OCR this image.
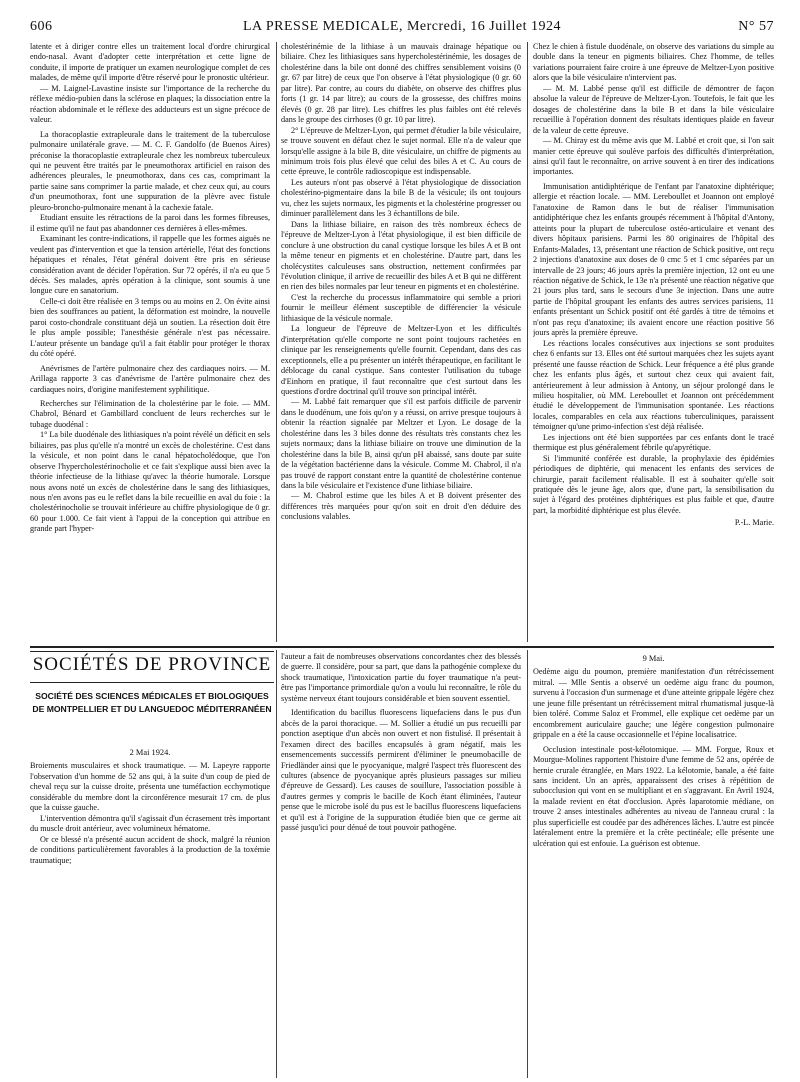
606	LA PRESSE MEDICALE, Mercredi, 16 Juillet 1924	N° 57

latente et à diriger contre elles un traitement local d'ordre chirurgical endo-nasal. Avant d'adopter cette interprétation et cette ligne de conduite, il importe de pratiquer un examen neurologique complet de ces malades, de même qu'il importe d'être réservé pour le pronostic ultérieur.

— M. Laignel-Lavastine insiste sur l'importance de la recherche du réflexe médio-pubien dans la sclérose en plaques; la dissociation entre la réaction abdominale et le réflexe des adducteurs est un signe précoce de valeur.

La thoracoplastie extrapleurale dans le traitement de la tuberculose pulmonaire unilatérale grave. — M. C. F. Gandolfo (de Buenos Aires) préconise la thoracoplastie extrapleurale chez les nombreux tuberculeux qui ne peuvent être traités par le pneumothorax artificiel en raison des adhérences pleurales, le pneumothorax, dans ces cas, comprimant la partie saine sans comprimer la partie malade, et chez ceux qui, au cours d'un pneumothorax, font une suppuration de la plèvre avec fistule pleuro-broncho-pulmonaire menant à la cachexie fatale.

Etudiant ensuite les rétractions de la paroi dans les formes fibreuses, il estime qu'il ne faut pas abandonner ces dernières à elles-mêmes.

Examinant les contre-indications, il rappelle que les formes aiguës ne veulent pas d'intervention et que la tension artérielle, l'état des fonctions hépatiques et rénales, l'état général doivent être pris en sérieuse considération avant de décider l'opération. Sur 72 opérés, il n'a eu que 5 décès. Ses malades, après opération à la clinique, sont soumis à une longue cure en sanatorium.

Celle-ci doit être réalisée en 3 temps ou au moins en 2. On évite ainsi bien des souffrances au patient, la déformation est moindre, la nouvelle paroi costo-chondrale constituant déjà un soutien. La résection doit être le plus ample possible; l'anesthésie générale n'est pas nécessaire. L'auteur présente un bandage qu'il a fait établir pour protéger le thorax du côté opéré.

Anévrismes de l'artère pulmonaire chez des cardiaques noirs. — M. Arillaga rapporte 3 cas d'anévrisme de l'artère pulmonaire chez des cardiaques noirs, d'origine manifestement syphilitique.

Recherches sur l'élimination de la cholestérine par le foie. — MM. Chabrol, Bénard et Gambillard concluent de leurs recherches sur le tubage duodénal :

1° La bile duodénale des lithiasiques n'a point révélé un déficit en sels biliaires, pas plus qu'elle n'a montré un excès de cholestérine. C'est dans la vésicule, et non point dans le canal hépatocholédoque, que l'on observe l'hypercholestérinocholie et ce fait s'explique aussi bien avec la théorie infectieuse de la lithiase qu'avec la théorie humorale. Lorsque nous avons noté un excès de cholestérine dans le sang des lithiasiques, nous n'en avons pas eu le reflet dans la bile recueillie en aval du foie : la cholestérinocholie se trouvait inférieure au chiffre physiologique de 0 gr. 60 pour 1.000. Ce fait vient à l'appui de la conception qui attribue en grande part l'hyper-

cholestérinémie de la lithiase à un mauvais drainage hépatique ou biliaire. Chez les lithiasiques sans hypercholestérinémie, les dosages de cholestérine dans la bile ont donné des chiffres sensiblement voisins (0 gr. 67 par litre) de ceux que l'on observe à l'état physiologique (0 gr. 60 par litre). Par contre, au cours du diabète, on observe des chiffres plus forts (1 gr. 14 par litre); au cours de la grossesse, des chiffres moins élevés (0 gr. 28 par litre). Les chiffres les plus faibles ont été relevés dans le groupe des cirrhoses (0 gr. 10 par litre).

2° L'épreuve de Meltzer-Lyon, qui permet d'étudier la bile vésiculaire, se trouve souvent en défaut chez le sujet normal. Elle n'a de valeur que lorsqu'elle assigne à la bile B, dite vésiculaire, un chiffre de pigments au minimum trois fois plus élevé que celui des biles A et C. Au cours de cette épreuve, le contrôle radioscopique est indispensable.

Les auteurs n'ont pas observé à l'état physiologique de dissociation cholestérino-pigmentaire dans la bile B de la vésicule; ils ont toujours vu, chez les sujets normaux, les pigments et la cholestérine progresser ou diminuer parallèlement dans les 3 échantillons de bile.

Dans la lithiase biliaire, en raison des très nombreux échecs de l'épreuve de Meltzer-Lyon à l'état physiologique, il est bien difficile de conclure à une obstruction du canal cystique lorsque les biles A et B ont la même teneur en pigments et en cholestérine. D'autre part, dans les cholécystites calculeuses sans obstruction, nettement confirmées par l'évolution clinique, il arrive de recueillir des biles A et B qui ne diffèrent en rien des biles normales par leur teneur en pigments et en cholestérine.

C'est la recherche du processus inflammatoire qui semble a priori fournir le meilleur élément susceptible de différencier la vésicule lithiasique de la vésicule normale.

La longueur de l'épreuve de Meltzer-Lyon et les difficultés d'interprétation qu'elle comporte ne sont point toujours rachetées en clinique par les renseignements qu'elle fournit. Cependant, dans des cas exceptionnels, elle a pu présenter un intérêt thérapeutique, en facilitant le déblocage du canal cystique. Sans contester l'utilisation du tubage d'Einhorn en pratique, il faut reconnaître que c'est surtout dans les questions d'ordre doctrinal qu'il trouve son principal intérêt.

— M. Labbé fait remarquer que s'il est parfois difficile de parvenir dans le duodénum, une fois qu'on y a réussi, on arrive presque toujours à obtenir la réaction signalée par Meltzer et Lyon. Le dosage de la cholestérine dans les 3 biles donne des résultats très constants chez les sujets normaux; dans la lithiase biliaire on trouve une diminution de la cholestérine dans la bile B, ainsi qu'un pH abaissé, sans doute par suite de la végétation bactérienne dans la vésicule. Comme M. Chabrol, il n'a pas trouvé de rapport constant entre la quantité de cholestérine contenue dans la bile vésiculaire et l'existence d'une lithiase biliaire.

— M. Chabrol estime que les biles A et B doivent présenter des différences très marquées pour qu'on soit en droit d'en déduire des conclusions valables.

Chez le chien à fistule duodénale, on observe des variations du simple au double dans la teneur en pigments biliaires. Chez l'homme, de telles variations pourraient faire croire à une épreuve de Meltzer-Lyon positive alors que la bile vésiculaire n'intervient pas.

— M. M. Labbé pense qu'il est difficile de démontrer de façon absolue la valeur de l'épreuve de Meltzer-Lyon. Toutefois, le fait que les dosages de cholestérine dans la bile B et dans la bile vésiculaire recueillie à l'opération donnent des résultats identiques plaide en faveur de la valeur de cette épreuve.

— M. Chiray est du même avis que M. Labbé et croit que, si l'on sait manier cette épreuve qui soulève parfois des difficultés d'interprétation, ainsi qu'il faut le reconnaître, on arrive souvent à en tirer des indications importantes.

Immunisation antidiphtérique de l'enfant par l'anatoxine diphtérique; allergie et réaction locale. — MM. Lereboullet et Joannon ont employé l'anatoxine de Ramon dans le but de réaliser l'immunisation antidiphtérique chez les enfants groupés récemment à l'hôpital d'Antony, atteints pour la plupart de tuberculose ostéo-articulaire et venant des divers hôpitaux parisiens. Parmi les 80 originaires de l'hôpital des Enfants-Malades, 13, présentant une réaction de Schick positive, ont reçu 2 injections d'anatoxine aux doses de 0 cmc 5 et 1 cmc séparées par un intervalle de 23 jours; 46 jours après la première injection, 12 ont eu une réaction négative de Schick, le 13e n'a présenté une réaction négative que 21 jours plus tard, sans le secours d'une 3e injection. Dans une autre partie de l'hôpital groupant les enfants des autres services parisiens, 11 enfants présentant un Schick positif ont été gardés à titre de témoins et n'ont pas reçu d'anatoxine; ils avaient encore une réaction positive 56 jours après la première épreuve.

Les réactions locales consécutives aux injections se sont produites chez 6 enfants sur 13. Elles ont été surtout marquées chez les sujets ayant présenté une fausse réaction de Schick. Leur fréquence a été plus grande chez les enfants plus âgés, et surtout chez ceux qui avaient fait, antérieurement à leur admission à Antony, un séjour prolongé dans le milieu hospitalier, où MM. Lereboullet et Joannon ont précédemment étudié le développement de l'immunisation spontanée. Les réactions locales, comparables en cela aux réactions tuberculiniques, paraissent témoigner qu'une primo-infection s'est déjà réalisée.

Les injections ont été bien supportées par ces enfants dont le tracé thermique est plus généralement fébrile qu'apyrétique.

Si l'immunité conférée est durable, la prophylaxie des épidémies périodiques de diphtérie, qui menacent les enfants des services de chirurgie, parait facilement réalisable. Il est à souhaiter qu'elle soit pratiquée dès le jeune âge, alors que, d'une part, la sensibilisation du sujet à l'égard des protéines diphtériques est plus faible et que, d'autre part, la morbidité diphtérique est plus élevée.

P.-L. Marie.
SOCIÉTÉS DE PROVINCE
SOCIÉTÉ DES SCIENCES MÉDICALES ET BIOLOGIQUES DE MONTPELLIER ET DU LANGUEDOC MÉDITERRANÉEN
2 Mai 1924.

Broiements musculaires et shock traumatique. — M. Lapeyre rapporte l'observation d'un homme de 52 ans qui, à la suite d'un coup de pied de cheval reçu sur la cuisse droite, présenta une tuméfaction ecchymotique considérable du membre dont la circonférence mesurait 17 cm. de plus que la cuisse gauche.

L'intervention démontra qu'il s'agissait d'un écrasement très important du muscle droit antérieur, avec volumineux hématome.

Or ce blessé n'a présenté aucun accident de shock, malgré la réunion de conditions particulièrement favorables à la production de la toxémie traumatique;

l'auteur a fait de nombreuses observations concordantes chez des blessés de guerre. Il considère, pour sa part, que dans la pathogénie complexe du shock traumatique, l'intoxication partie du foyer traumatique n'a peut-être pas l'importance primordiale qu'on a voulu lui reconnaître, le rôle du système nerveux étant toujours considérable et bien souvent essentiel.

Identification du bacillus fluorescens liquefaciens dans le pus d'un abcès de la paroi thoracique. — M. Sollier a étudié un pus recueilli par ponction aseptique d'un abcès non ouvert et non fistulisé. Il présentait à l'examen direct des bacilles encapsulés à gram négatif, mais les ensemencements successifs permirent d'éliminer le pneumobacille de Friedländer ainsi que le pyocyanique, malgré l'aspect très fluorescent des cultures (absence de pyocyanique après plusieurs passages sur milieu d'épreuve de Gessard). Les causes de souillure, l'association possible à d'autres germes y compris le bacille de Koch étant éliminées, l'auteur pense que le microbe isolé du pus est le bacillus fluorescens liquefaciens et qu'il est à l'origine de la suppuration étudiée bien que ce germe ait passé jusqu'ici pour dénué de tout pouvoir pathogène.

9 Mai.

Oedème aigu du poumon, première manifestation d'un rétrécissement mitral. — Mlle Sentis a observé un oedème aigu franc du poumon, survenu à l'occasion d'un surmenage et d'une atteinte grippale légère chez une jeune fille présentant un rétrécissement mitral rhumatismal jusque-là bien toléré. Comme Saloz et Frommel, elle explique cet oedème par un encombrement auriculaire gauche; une légère congestion pulmonaire grippale en a été la cause occasionnelle et l'épine localisatrice.

Occlusion intestinale post-kélotomique. — MM. Forgue, Roux et Mourgue-Molines rapportent l'histoire d'une femme de 52 ans, opérée de hernie crurale étranglée, en Mars 1922. La kélotomie, banale, a été faite sans incident. Un an après, apparaissent des crises à répétition de subocclusion qui vont en se multipliant et en s'aggravant. En Avril 1924, la malade revient en état d'occlusion. Après laparotomie médiane, on trouve 2 anses intestinales adhérentes au niveau de l'anneau crural : la plus superficielle est coudée par des adhérences lâches. L'autre est pincée latéralement entre la première et la crête pectinéale; elle présente une ulcération qui est enfouie. La guérison est obtenue.
